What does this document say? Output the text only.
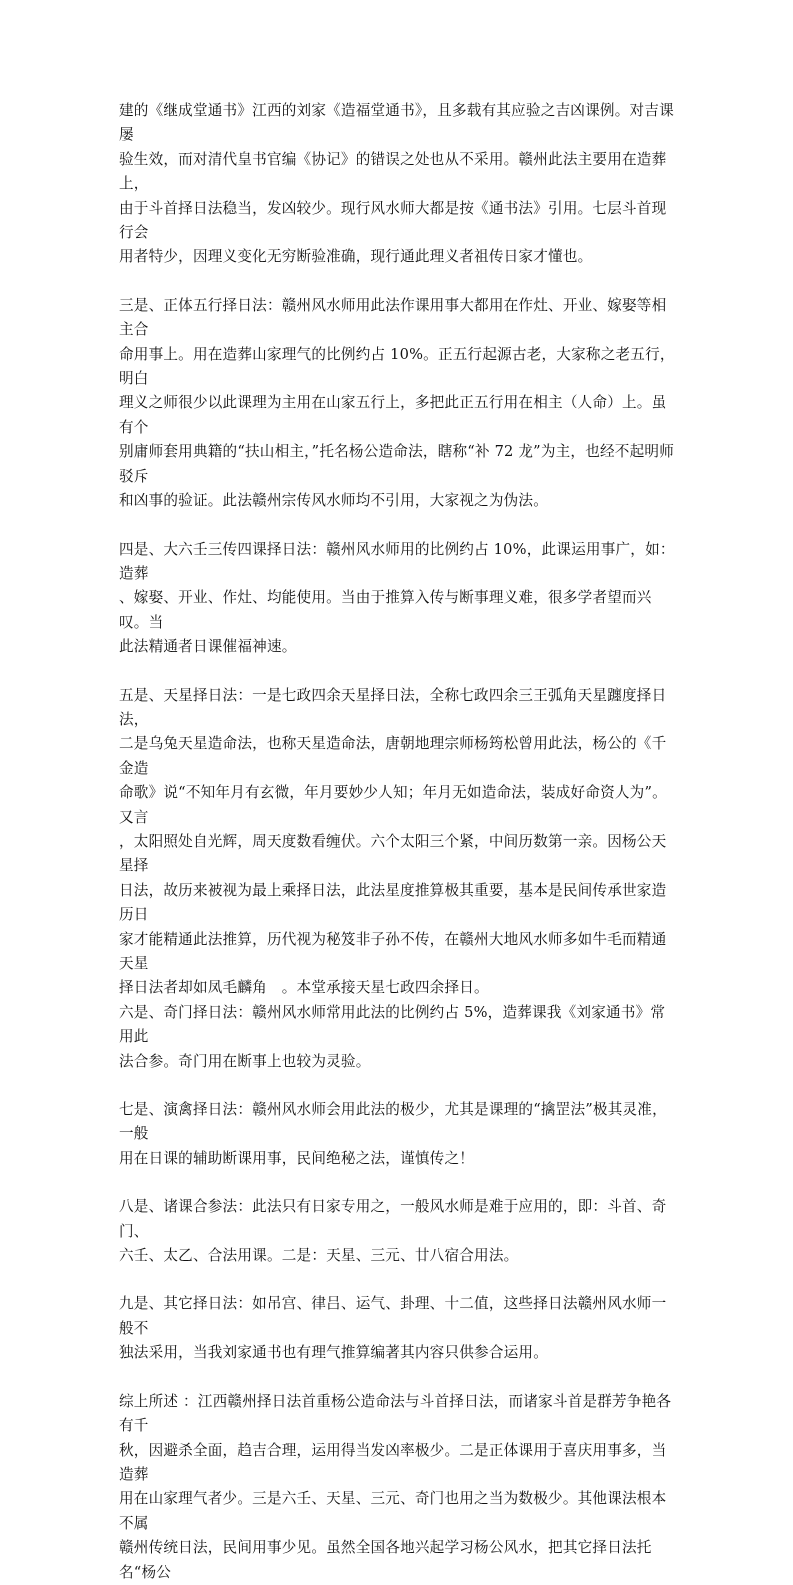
建的《继成堂通书》江西的刘家《造福堂通书》，且多载有其应验之吉凶课例。对吉课屡
验生效，而对清代皇书官编《协记》的错误之处也从不采用。赣州此法主要用在造葬上，
由于斗首择日法稳当，发凶较少。现行风水师大都是按《通书法》引用。七层斗首现行会
用者特少，因理义变化无穷断验准确，现行通此理义者祖传日家才懂也。

三是、正体五行择日法：赣州风水师用此法作课用事大都用在作灶、开业、嫁娶等相主合
命用事上。用在造葬山家理气的比例约占 10%。正五行起源古老，大家称之老五行，明白
理义之师很少以此课理为主用在山家五行上，多把此正五行用在相主（人命）上。虽有个
别庸师套用典籍的“扶山相主，”托名杨公造命法，瞎称“补 72 龙”为主，也经不起明师驳斥
和凶事的验证。此法赣州宗传风水师均不引用，大家视之为伪法。

四是、大六壬三传四课择日法：赣州风水师用的比例约占 10%，此课运用事广，如：造葬
、嫁娶、开业、作灶、均能使用。当由于推算入传与断事理义难，很多学者望而兴叹。当
此法精通者日课催福神速。

五是、天星择日法：一是七政四余天星择日法，全称七政四余三王弧角天星躔度择日法，
二是乌兔天星造命法，也称天星造命法，唐朝地理宗师杨筠松曾用此法，杨公的《千金造
命歌》说“不知年月有玄微，年月要妙少人知；年月无如造命法，装成好命资人为”。又言
，太阳照处自光辉，周天度数看缠伏。六个太阳三个紧，中间历数第一亲。因杨公天星择
日法，故历来被视为最上乘择日法，此法星度推算极其重要，基本是民间传承世家造历日
家才能精通此法推算，历代视为秘笈非子孙不传，在赣州大地风水师多如牛毛而精通天星
择日法者却如凤毛麟角　。本堂承接天星七政四余择日。
六是、奇门择日法：赣州风水师常用此法的比例约占 5%，造葬课我《刘家通书》常用此
法合参。奇门用在断事上也较为灵验。

七是、演禽择日法：赣州风水师会用此法的极少，尤其是课理的“擒罡法”极其灵准，一般
用在日课的辅助断课用事，民间绝秘之法，谨慎传之！

八是、诸课合参法：此法只有日家专用之，一般风水师是难于应用的，即：斗首、奇门、
六壬、太乙、合法用课。二是：天星、三元、廿八宿合用法。

九是、其它择日法：如吊宫、律吕、运气、卦理、十二值，这些择日法赣州风水师一般不
独法采用，当我刘家通书也有理气推算编著其内容只供参合运用。

综上所述 ：江西赣州择日法首重杨公造命法与斗首择日法，而诸家斗首是群芳争艳各有千
秋，因避杀全面，趋吉合理，运用得当发凶率极少。二是正体课用于喜庆用事多，当造葬
用在山家理气者少。三是六壬、天星、三元、奇门也用之当为数极少。其他课法根本不属
赣州传统日法，民间用事少见。虽然全国各地兴起学习杨公风水，把其它择日法托名“杨公
